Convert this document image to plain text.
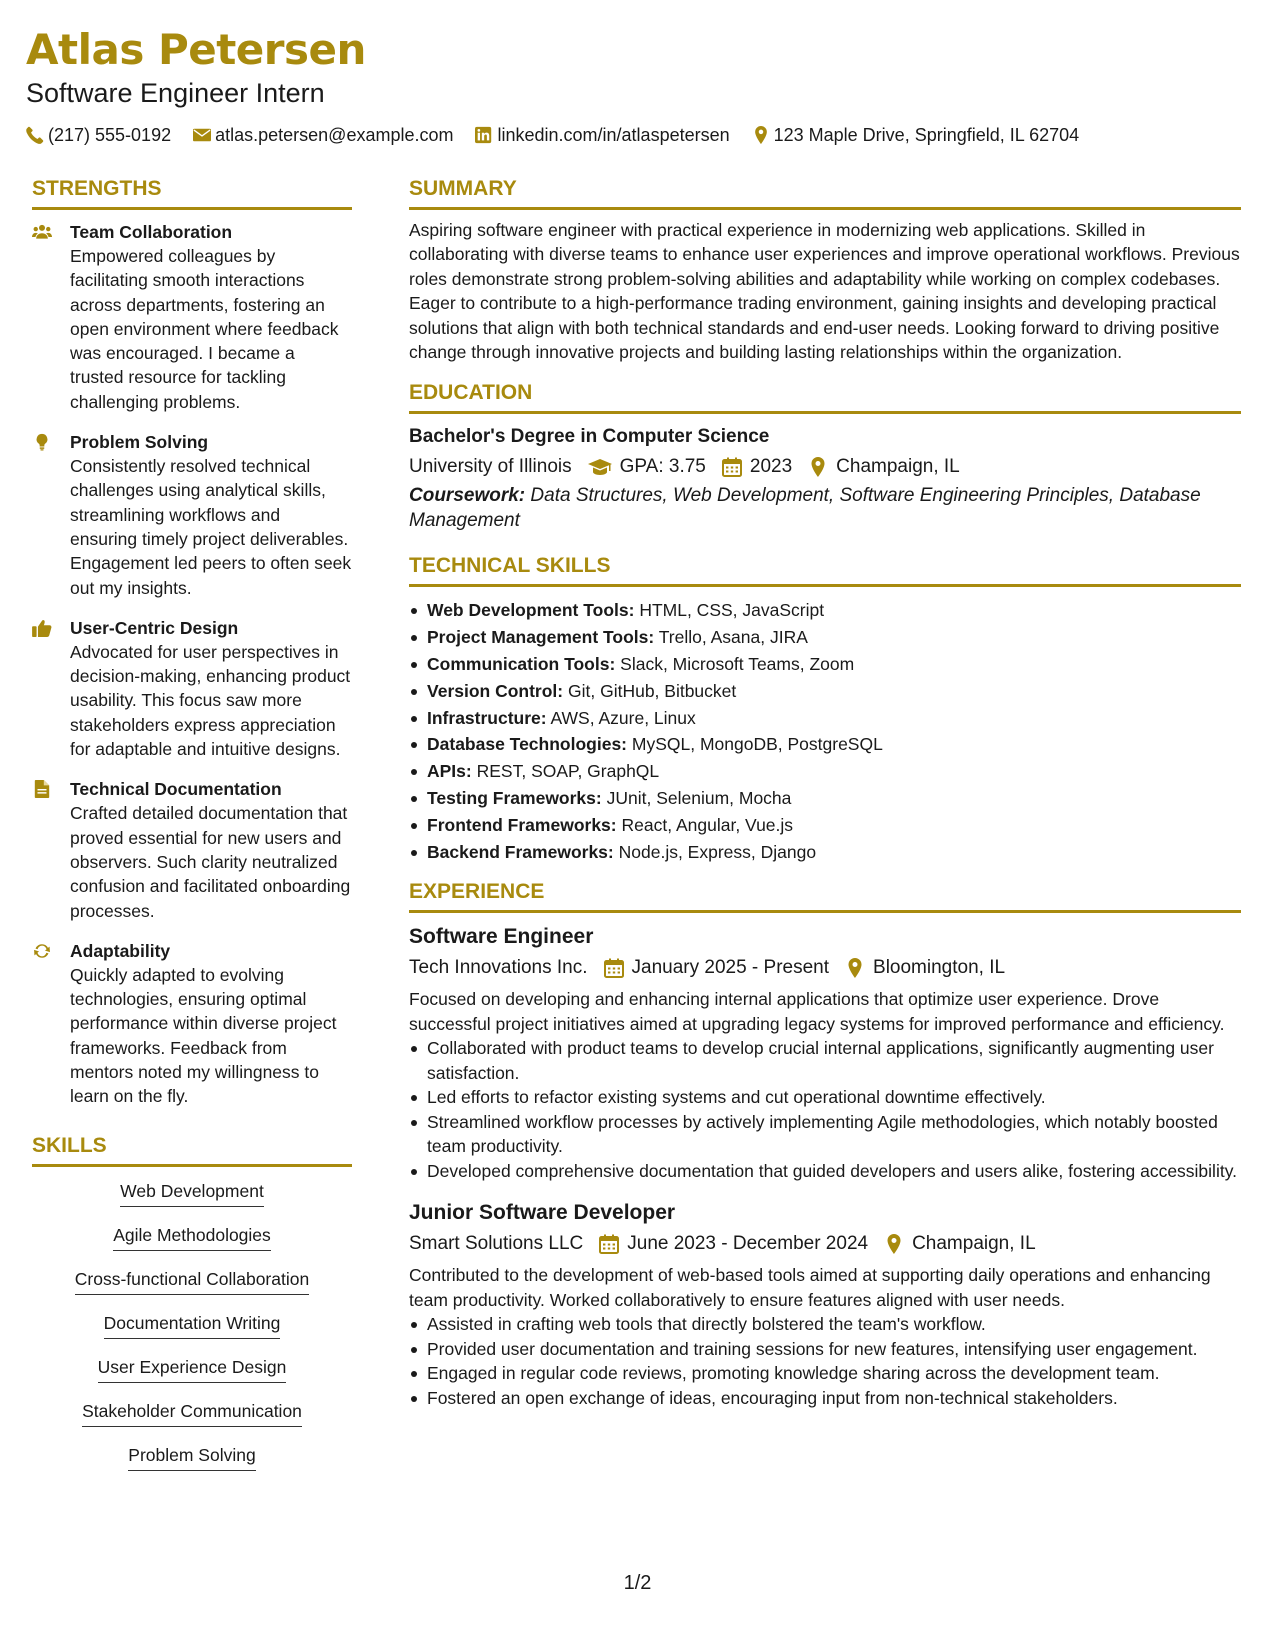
Atlas Petersen
Software Engineer Intern
(217) 555-0192 atlas.petersen@example.com linkedin.com/in/atlaspetersen 123 Maple Drive, Springfield, IL 62704
STRENGTHS
Team Collaboration
Empowered colleagues by facilitating smooth interactions across departments, fostering an open environment where feedback was encouraged. I became a trusted resource for tackling challenging problems.
Problem Solving
Consistently resolved technical challenges using analytical skills, streamlining workflows and ensuring timely project deliverables. Engagement led peers to often seek out my insights.
User-Centric Design
Advocated for user perspectives in decision-making, enhancing product usability. This focus saw more stakeholders express appreciation for adaptable and intuitive designs.
Technical Documentation
Crafted detailed documentation that proved essential for new users and observers. Such clarity neutralized confusion and facilitated onboarding processes.
Adaptability
Quickly adapted to evolving technologies, ensuring optimal performance within diverse project frameworks. Feedback from mentors noted my willingness to learn on the fly.
SKILLS
Web Development
Agile Methodologies
Cross-functional Collaboration
Documentation Writing
User Experience Design
Stakeholder Communication
Problem Solving
SUMMARY

Aspiring software engineer with practical experience in modernizing web applications. Skilled in collaborating with diverse teams to enhance user experiences and improve operational workflows. Previous roles demonstrate strong problem-solving abilities and adaptability while working on complex codebases. Eager to contribute to a high-performance trading environment, gaining insights and developing practical solutions that align with both technical standards and end-user needs. Looking forward to driving positive change through innovative projects and building lasting relationships within the organization.

EDUCATION
Bachelor's Degree in Computer Science
University of Illinois	GPA: 3.75 2023 Champaign, IL
Coursework: Data Structures, Web Development, Software Engineering Principles, Database Management
TECHNICAL SKILLS
Web Development Tools: HTML, CSS, JavaScript
Project Management Tools: Trello, Asana, JIRA
Communication Tools: Slack, Microsoft Teams, Zoom
Version Control: Git, GitHub, Bitbucket
Infrastructure: AWS, Azure, Linux
Database Technologies: MySQL, MongoDB, PostgreSQL
APIs: REST, SOAP, GraphQL
Testing Frameworks: JUnit, Selenium, Mocha
Frontend Frameworks: React, Angular, Vue.js
Backend Frameworks: Node.js, Express, Django
EXPERIENCE
Software Engineer
Tech Innovations Inc. January 2025 - Present Bloomington, IL

Focused on developing and enhancing internal applications that optimize user experience. Drove successful project initiatives aimed at upgrading legacy systems for improved performance and efficiency.

Collaborated with product teams to develop crucial internal applications, significantly augmenting user satisfaction.
Led efforts to refactor existing systems and cut operational downtime effectively.
Streamlined workflow processes by actively implementing Agile methodologies, which notably boosted team productivity.
Developed comprehensive documentation that guided developers and users alike, fostering accessibility.
Junior Software Developer
Smart Solutions LLC June 2023 - December 2024 Champaign, IL

Contributed to the development of web-based tools aimed at supporting daily operations and enhancing team productivity. Worked collaboratively to ensure features aligned with user needs.

Assisted in crafting web tools that directly bolstered the team's workflow.
Provided user documentation and training sessions for new features, intensifying user engagement.
Engaged in regular code reviews, promoting knowledge sharing across the development team.
Fostered an open exchange of ideas, encouraging input from non-technical stakeholders.
1/2
